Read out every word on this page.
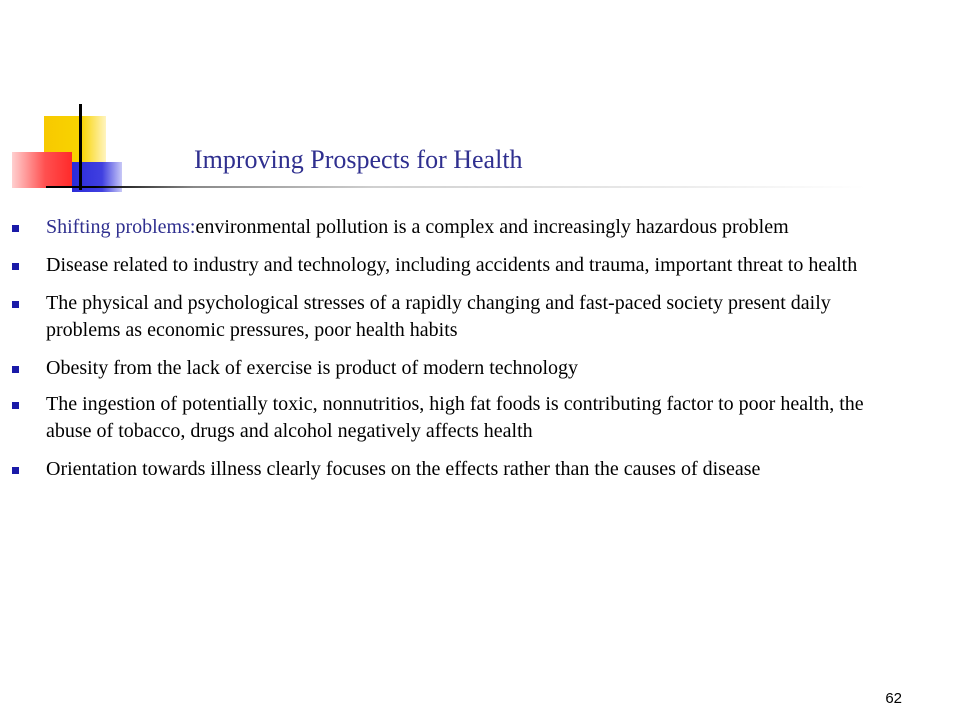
Improving Prospects for Health
Shifting problems:environmental pollution is a complex and increasingly hazardous problem
Disease related to industry and technology, including accidents and trauma, important threat to health
The physical and psychological stresses of a rapidly changing and fast-paced society present daily problems as economic pressures, poor health habits
Obesity from the lack of exercise is product of modern technology
The ingestion of potentially toxic, nonnutritios, high fat foods is contributing factor to poor health, the abuse of tobacco, drugs and alcohol negatively affects health
Orientation towards illness clearly focuses on the effects rather than the causes of disease
62
